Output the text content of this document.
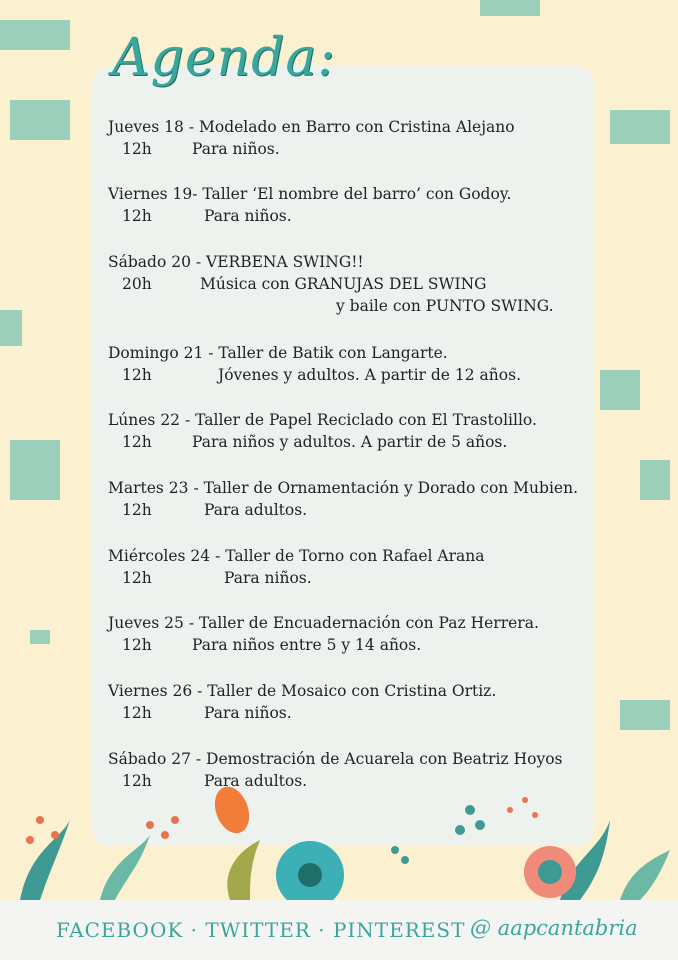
Agenda:
Jueves 18 - Modelado en Barro con Cristina Alejano
12h	Para niños.
Viernes 19- Taller ‘El nombre del barro’ con Godoy.
12h	Para niños.
Sábado 20 - VERBENA SWING!!
20h	Música con GRANUJAS DEL SWING
y baile con PUNTO SWING.
Domingo 21 - Taller de Batik con Langarte.
12h	Jóvenes y adultos. A partir de 12 años.
Lúnes 22 - Taller de Papel Reciclado con El Trastolillo.
12h	Para niños y adultos. A partir de 5 años.
Martes 23 - Taller de Ornamentación y Dorado con Mubien.
12h	Para adultos.
Miércoles 24 - Taller de Torno con Rafael Arana
12h	Para niños.
Jueves 25 - Taller de Encuadernación con Paz Herrera.
12h	Para niños entre 5 y 14 años.
Viernes 26 - Taller de Mosaico con Cristina Ortiz.
12h	Para niños.
Sábado 27 - Demostración de Acuarela con Beatriz Hoyos
12h	Para adultos.
FACEBOOK · TWITTER · PINTEREST @ aapcantabria
